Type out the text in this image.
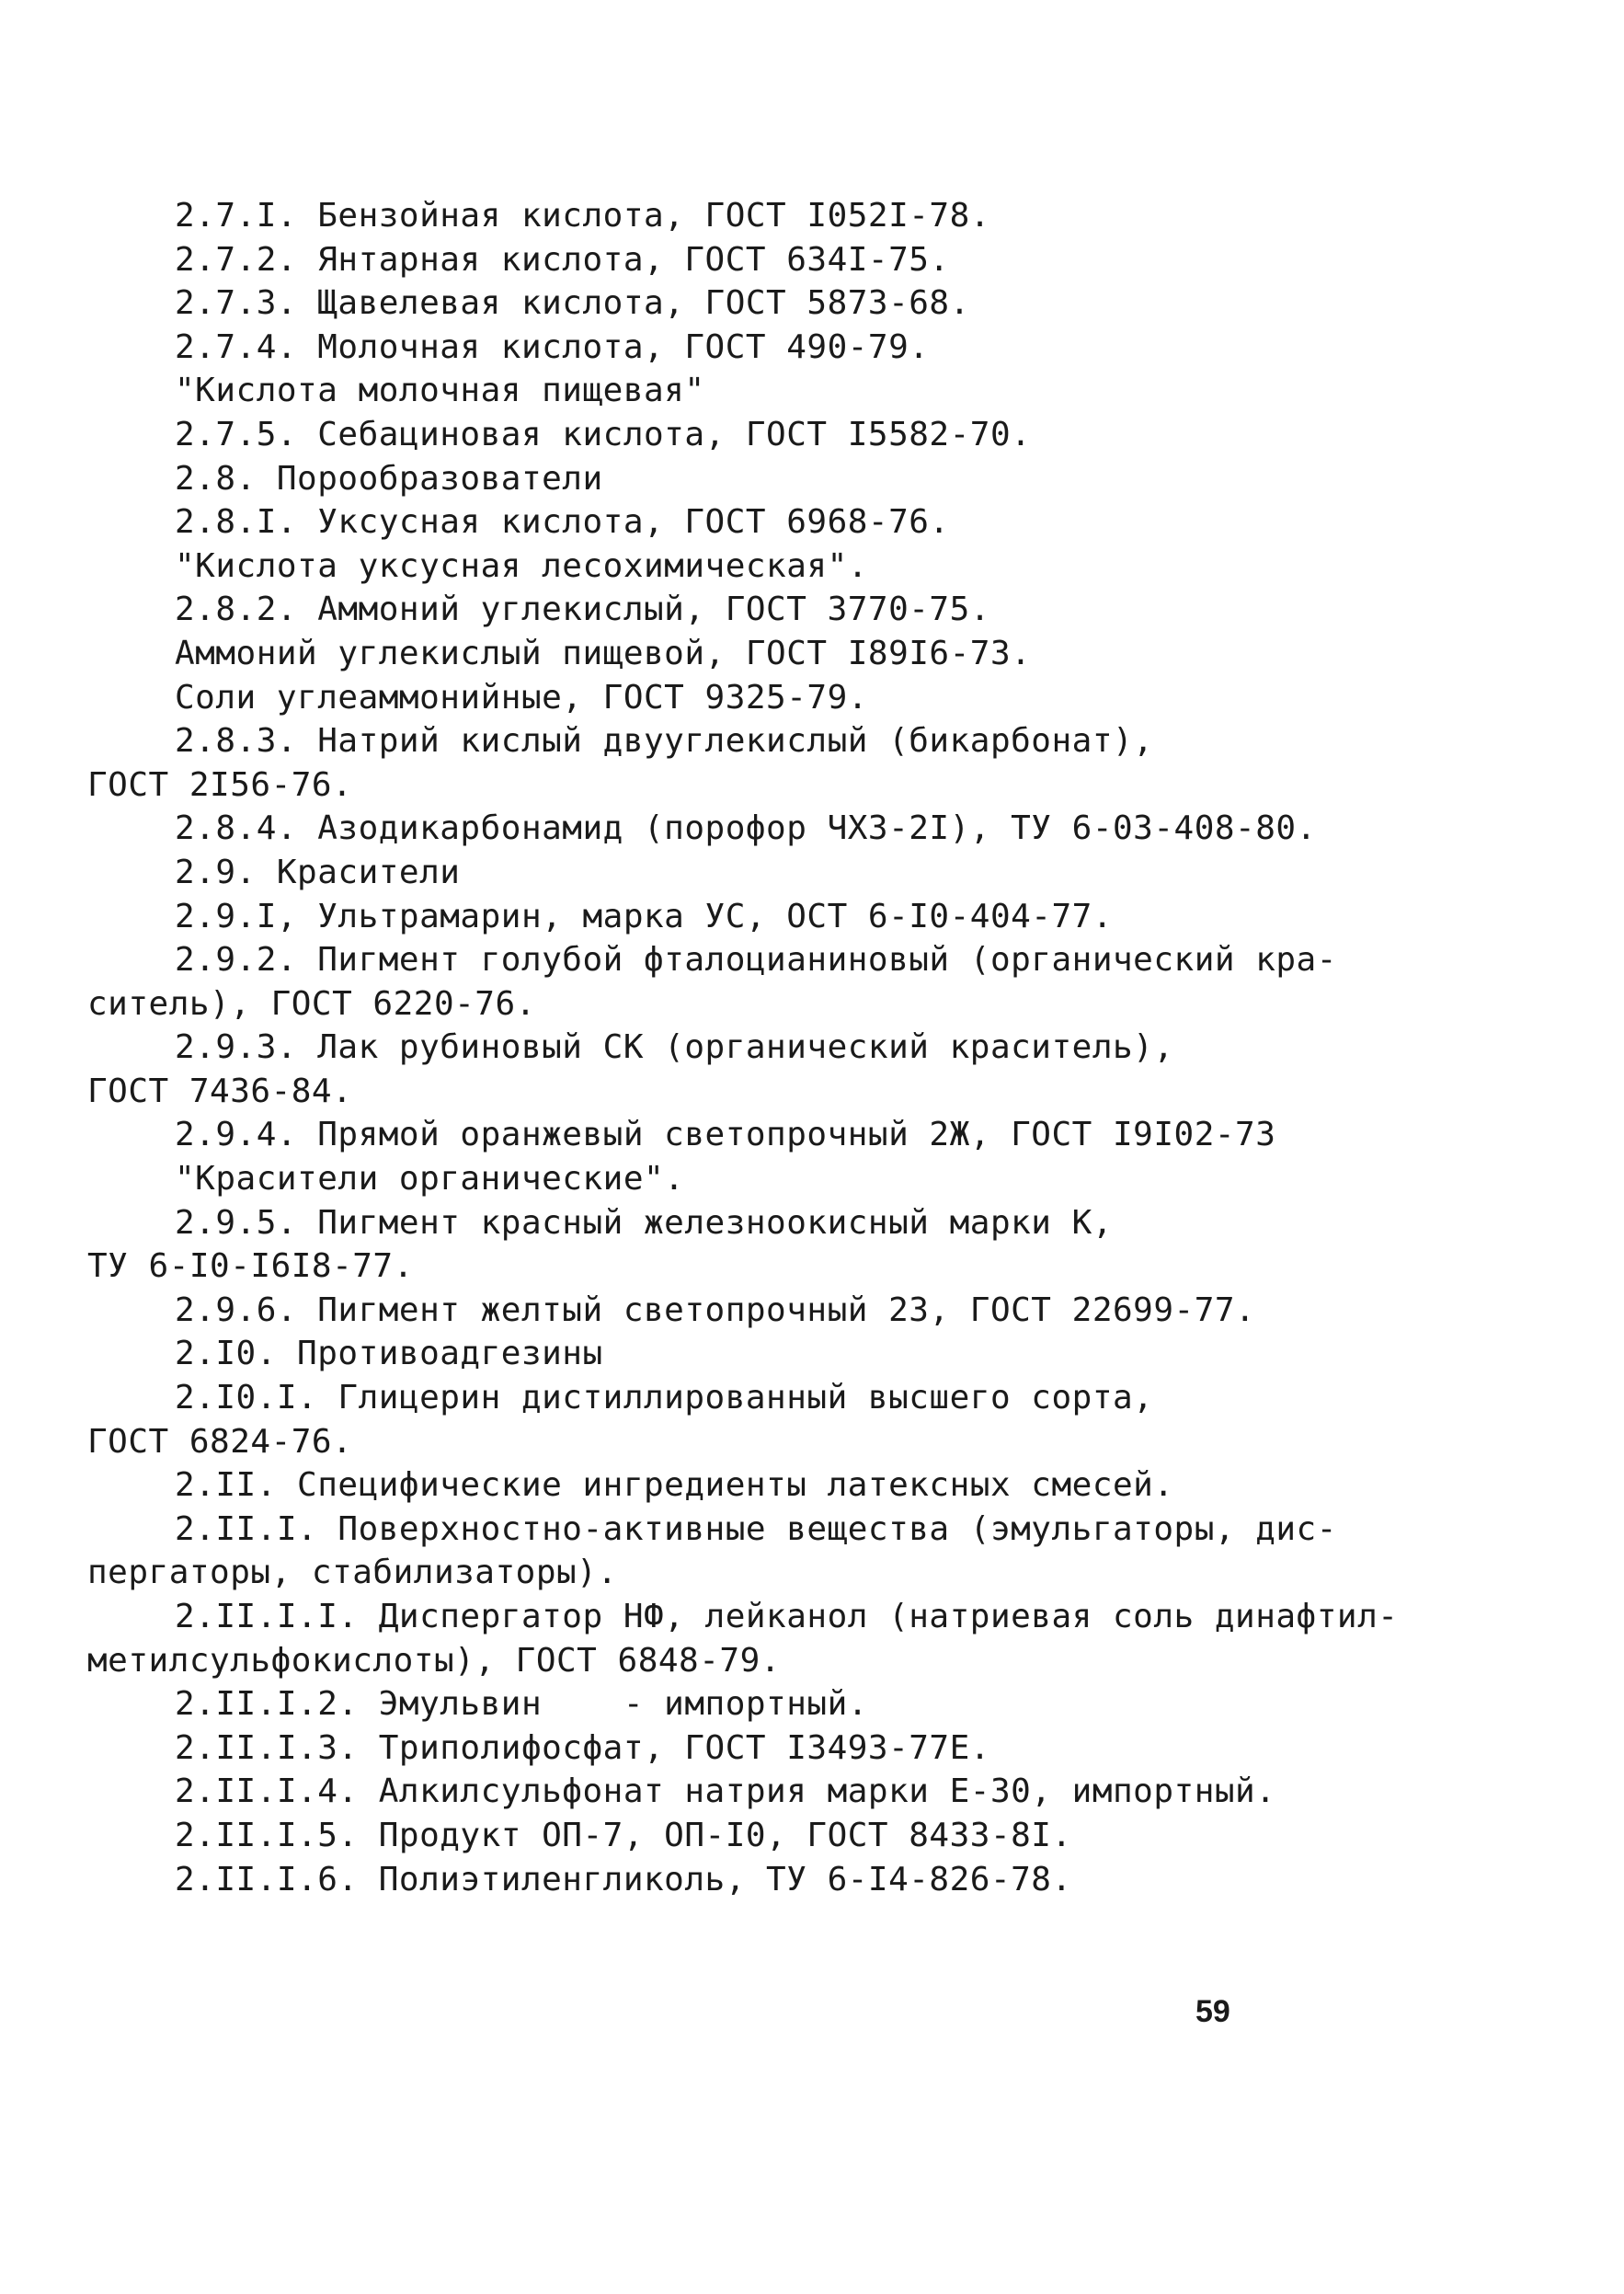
2.7.I. Бензойная кислота, ГОСТ I052I-78.
2.7.2. Янтарная кислота, ГОСТ 634I-75.
2.7.3. Щавелевая кислота, ГОСТ 5873-68.
2.7.4. Молочная кислота, ГОСТ 490-79.
"Кислота молочная пищевая"
2.7.5. Себациновая кислота, ГОСТ I5582-70.
2.8. Порообразователи
2.8.I. Уксусная кислота, ГОСТ 6968-76.
"Кислота уксусная лесохимическая".
2.8.2. Аммоний углекислый, ГОСТ 3770-75.
Аммоний углекислый пищевой, ГОСТ I89I6-73.
Соли углеаммонийные, ГОСТ 9325-79.
2.8.3. Натрий кислый двууглекислый (бикарбонат),
ГОСТ 2I56-76.
2.8.4. Азодикарбонамид (порофор ЧХЗ-2I), ТУ 6-03-408-80.
2.9. Красители
2.9.I, Ультрамарин, марка УС, ОСТ 6-I0-404-77.
2.9.2. Пигмент голубой фталоцианиновый (органический кра-
ситель), ГОСТ 6220-76.
2.9.3. Лак рубиновый СК (органический краситель),
ГОСТ 7436-84.
2.9.4. Прямой оранжевый светопрочный 2Ж, ГОСТ I9I02-73
"Красители органические".
2.9.5. Пигмент красный железноокисный марки К,
ТУ 6-I0-I6I8-77.
2.9.6. Пигмент желтый светопрочный 23, ГОСТ 22699-77.
2.I0. Противоадгезины
2.I0.I. Глицерин дистиллированный высшего сорта,
ГОСТ 6824-76.
2.II. Специфические ингредиенты латексных смесей.
2.II.I. Поверхностно-активные вещества (эмульгаторы, дис-
пергаторы, стабилизаторы).
2.II.I.I. Диспергатор НФ, лейканол (натриевая соль динафтил-
метилсульфокислоты), ГОСТ 6848-79.
2.II.I.2. Эмульвин    - импортный.
2.II.I.3. Триполифосфат, ГОСТ I3493-77Е.
2.II.I.4. Алкилсульфонат натрия марки Е-30, импортный.
2.II.I.5. Продукт ОП-7, ОП-I0, ГОСТ 8433-8I.
2.II.I.6. Полиэтиленгликоль, ТУ 6-I4-826-78.
59
